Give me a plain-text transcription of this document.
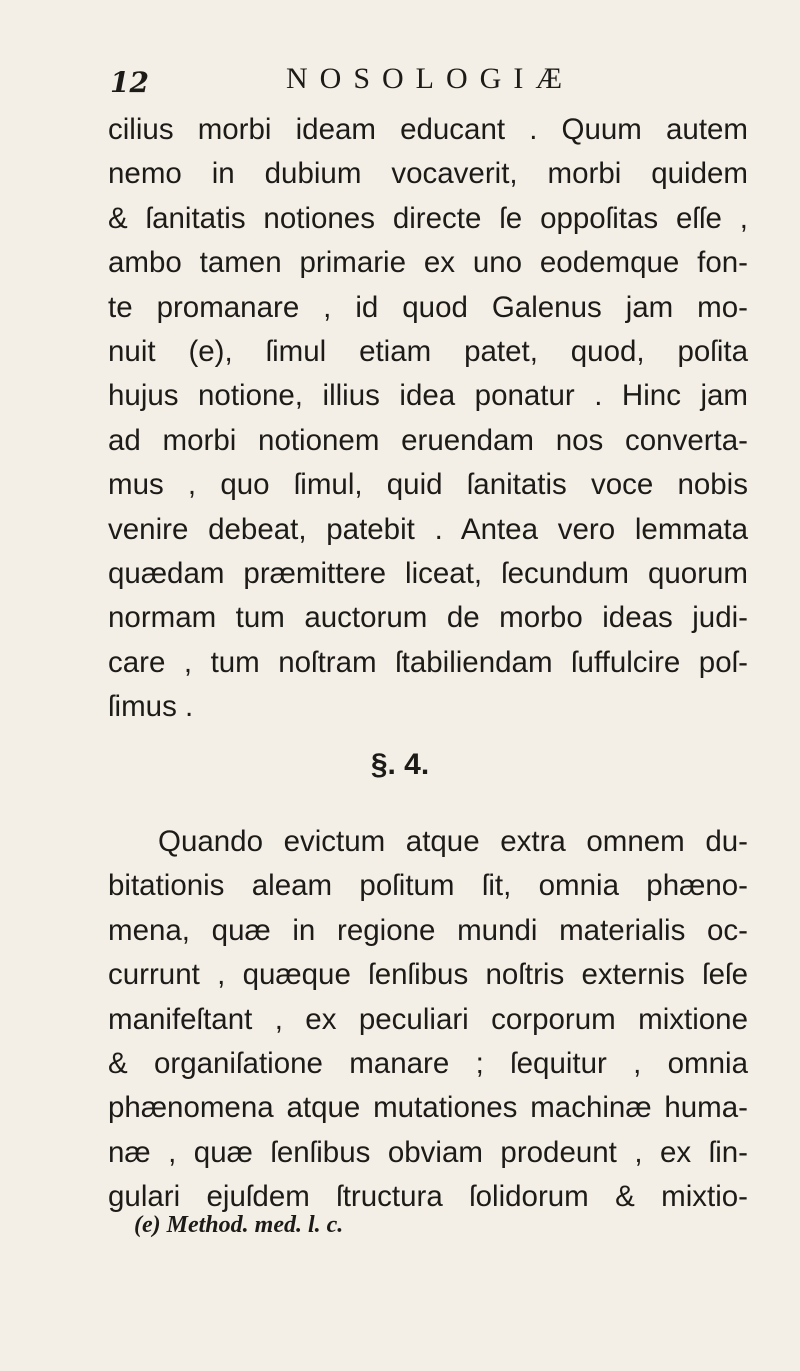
12	NOSOLOGIÆ
cilius morbi ideam educant . Quum autem
nemo in dubium vocaverit, morbi quidem
& ſanitatis notiones directe ſe oppoſitas eſſe ,
ambo tamen primarie ex uno eodemque fon-
te promanare , id quod Galenus jam mo-
nuit (e), ſimul etiam patet, quod, poſita
hujus notione, illius idea ponatur . Hinc jam
ad morbi notionem eruendam nos converta-
mus , quo ſimul, quid ſanitatis voce nobis
venire debeat, patebit . Antea vero lemmata
quædam præmittere liceat, ſecundum quorum
normam tum auctorum de morbo ideas judi-
care , tum noſtram ſtabiliendam ſuffulcire poſ-
ſimus .
§. 4.
Quando evictum atque extra omnem du-
bitationis aleam poſitum ſit, omnia phæno-
mena, quæ in regione mundi materialis oc-
currunt , quæque ſenſibus noſtris externis ſeſe
manifeſtant , ex peculiari corporum mixtione
& organiſatione manare ; ſequitur , omnia
phænomena atque mutationes machinæ huma-
næ , quæ ſenſibus obviam prodeunt , ex ſin-
gulari ejuſdem ſtructura ſolidorum & mixtio-
(e) Method. med. l. c.
